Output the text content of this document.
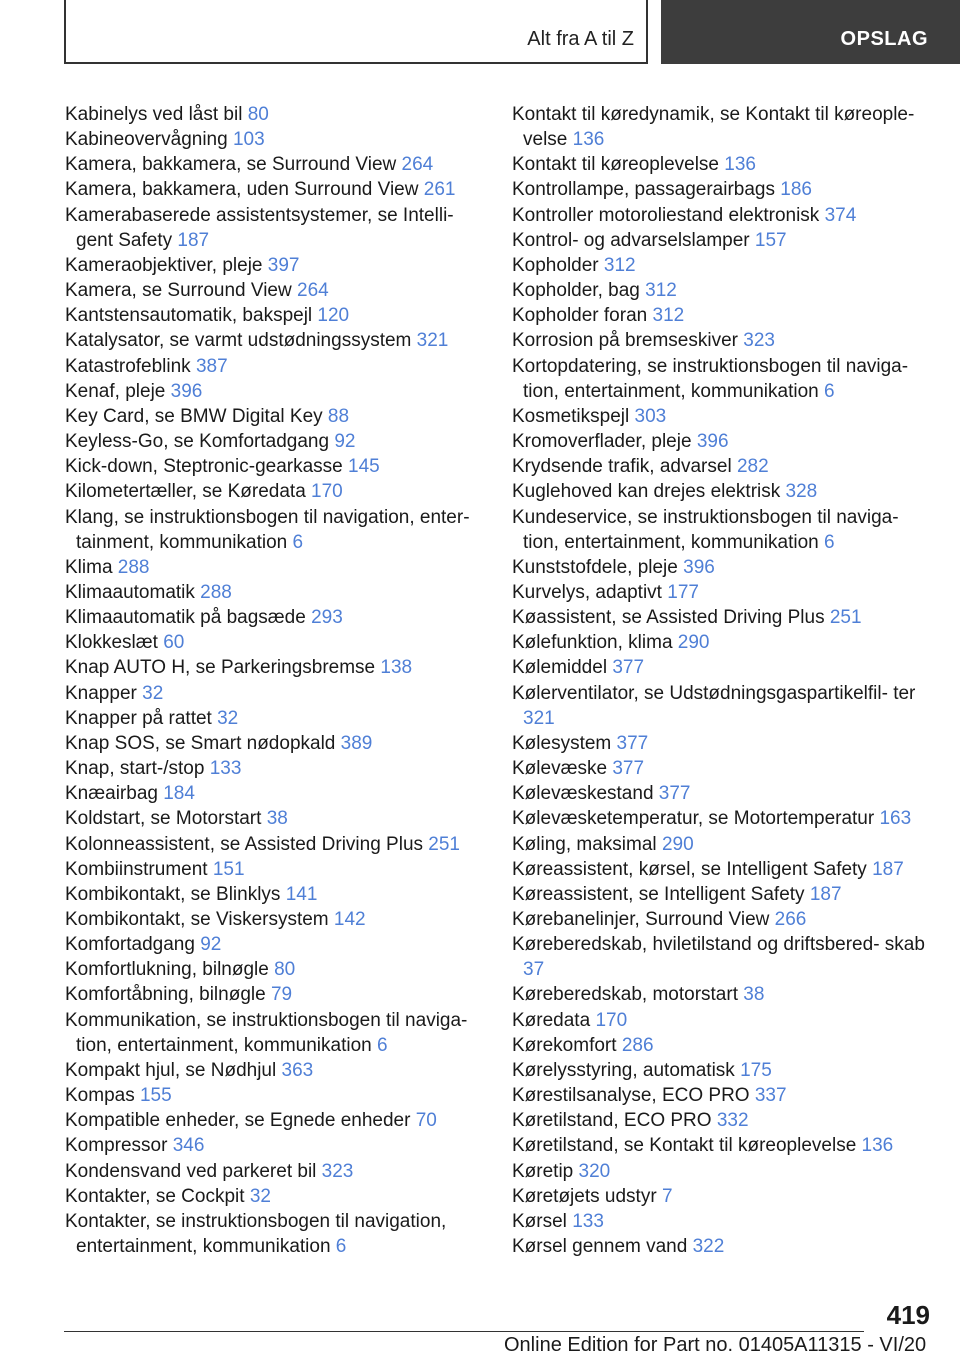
Alt fra A til Z	OPSLAG
Kabinelys ved låst bil 80
Kabineovervågning 103
Kamera, bakkamera, se Surround View 264
Kamera, bakkamera, uden Surround View 261
Kamerabaserede assistentsystemer, se Intelli‐ gent Safety 187
Kameraobjektiver, pleje 397
Kamera, se Surround View 264
Kantstensautomatik, bakspejl 120
Katalysator, se varmt udstødningssystem 321
Katastrofeblink 387
Kenaf, pleje 396
Key Card, se BMW Digital Key 88
Keyless-Go, se Komfortadgang 92
Kick-down, Steptronic-gearkasse 145
Kilometertæller, se Køredata 170
Klang, se instruktionsbogen til navigation, enter‐ tainment, kommunikation 6
Klima 288
Klimaautomatik 288
Klimaautomatik på bagsæde 293
Klokkeslæt 60
Knap AUTO H, se Parkeringsbremse 138
Knapper 32
Knapper på rattet 32
Knap SOS, se Smart nødopkald 389
Knap, start-/stop 133
Knæairbag 184
Koldstart, se Motorstart 38
Kolonneassistent, se Assisted Driving Plus 251
Kombiinstrument 151
Kombikontakt, se Blinklys 141
Kombikontakt, se Viskersystem 142
Komfortadgang 92
Komfortlukning, bilnøgle 80
Komfortåbning, bilnøgle 79
Kommunikation, se instruktionsbogen til naviga‐ tion, entertainment, kommunikation 6
Kompakt hjul, se Nødhjul 363
Kompas 155
Kompatible enheder, se Egnede enheder 70
Kompressor 346
Kondensvand ved parkeret bil 323
Kontakter, se Cockpit 32
Kontakter, se instruktionsbogen til navigation, entertainment, kommunikation 6
Kontakt til køredynamik, se Kontakt til køreople‐ velse 136
Kontakt til køreoplevelse 136
Kontrollampe, passagerairbags 186
Kontroller motoroliestand elektronisk 374
Kontrol- og advarselslamper 157
Kopholder 312
Kopholder, bag 312
Kopholder foran 312
Korrosion på bremseskiver 323
Kortopdatering, se instruktionsbogen til naviga‐ tion, entertainment, kommunikation 6
Kosmetikspejl 303
Kromoverflader, pleje 396
Krydsende trafik, advarsel 282
Kuglehoved kan drejes elektrisk 328
Kundeservice, se instruktionsbogen til naviga‐ tion, entertainment, kommunikation 6
Kunststofdele, pleje 396
Kurvelys, adaptivt 177
Køassistent, se Assisted Driving Plus 251
Kølefunktion, klima 290
Kølemiddel 377
Kølerventilator, se Udstødningsgaspartikelfil‐ ter 321
Kølesystem 377
Kølevæske 377
Kølevæskestand 377
Kølevæsketemperatur, se Motortemperatur 163
Køling, maksimal 290
Køreassistent, kørsel, se Intelligent Safety 187
Køreassistent, se Intelligent Safety 187
Kørebanelinjer, Surround View 266
Køreberedskab, hviletilstand og driftsbered‐ skab 37
Køreberedskab, motorstart 38
Køredata 170
Kørekomfort 286
Kørelysstyring, automatisk 175
Kørestilsanalyse, ECO PRO 337
Køretilstand, ECO PRO 332
Køretilstand, se Kontakt til køreoplevelse 136
Køretip 320
Køretøjets udstyr 7
Kørsel 133
Kørsel gennem vand 322
419
Online Edition for Part no. 01405A11315 - VI/20
